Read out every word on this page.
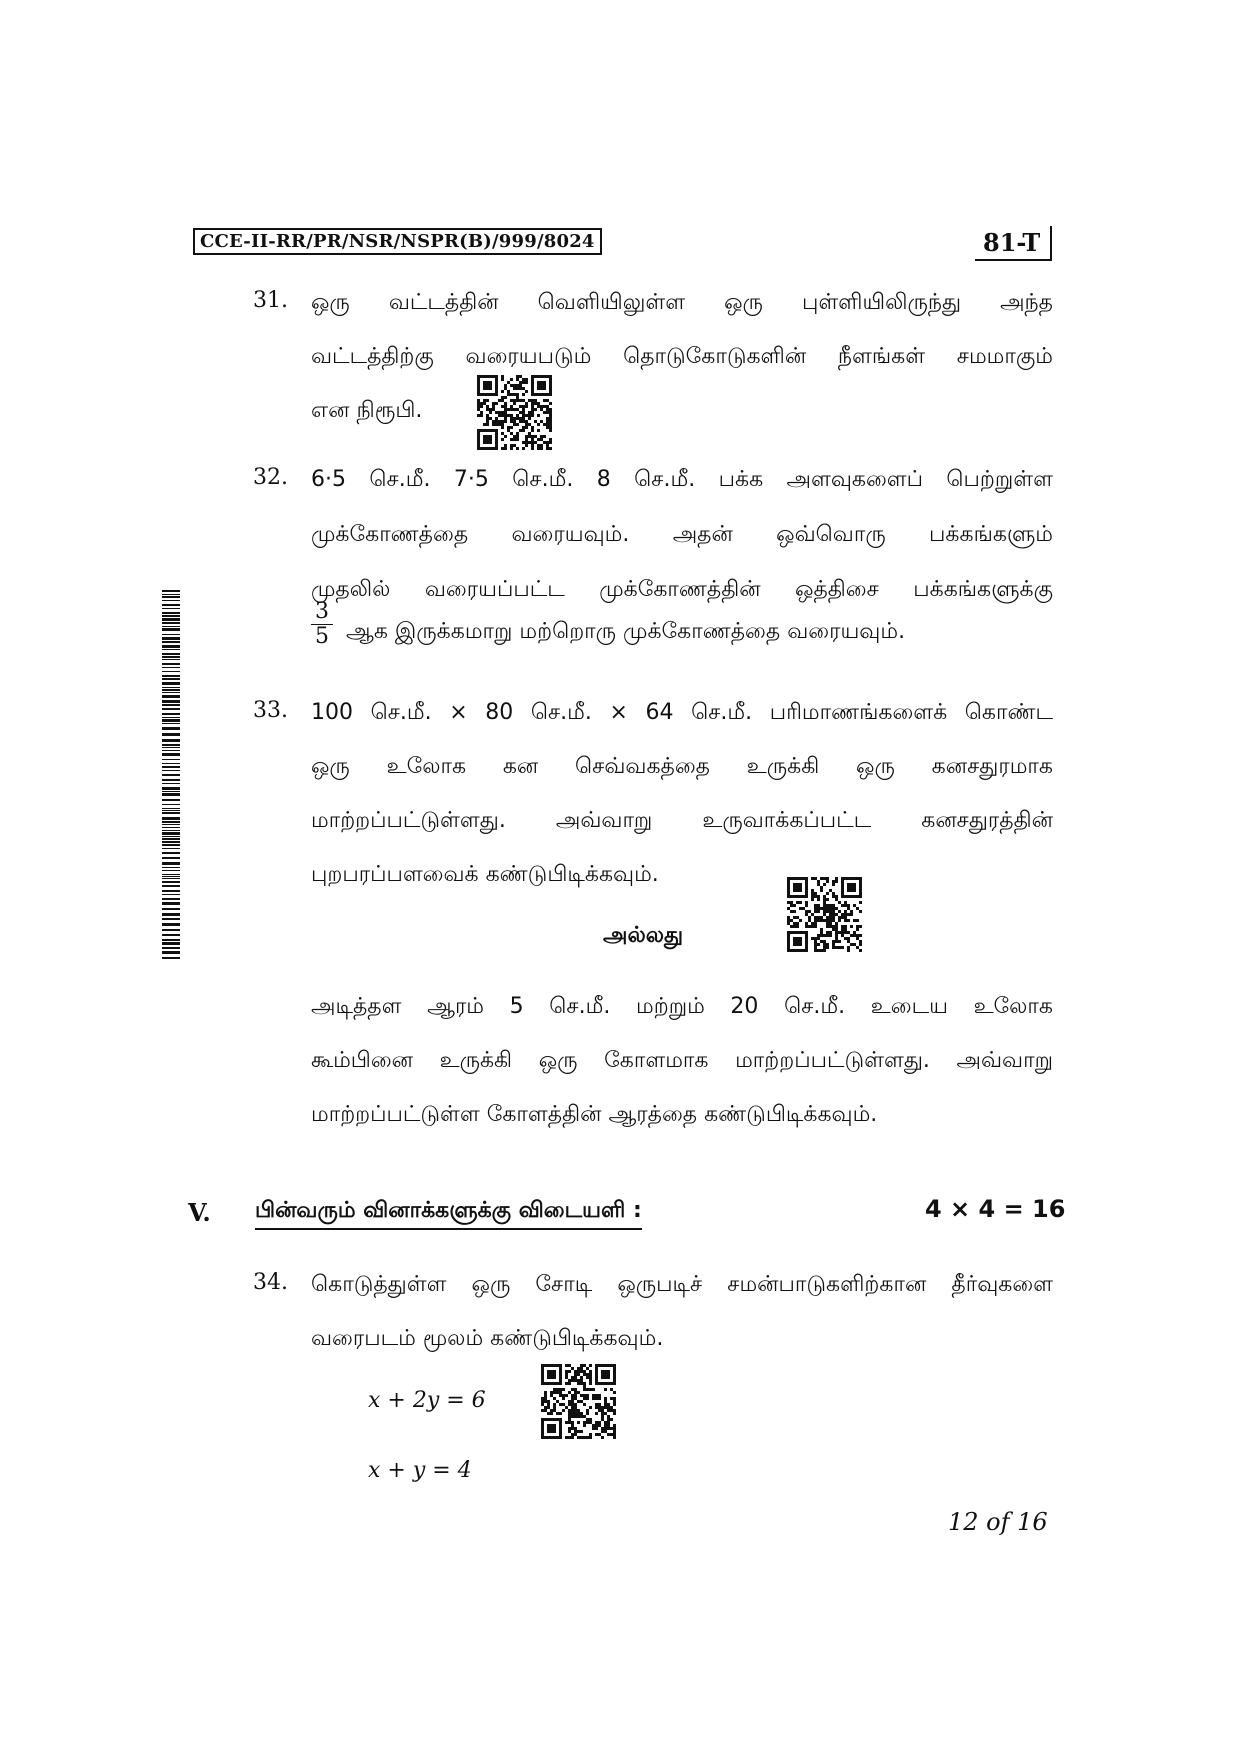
CCE-II-RR/PR/NSR/NSPR(B)/999/8024	81-T
31. ஒரு வட்டத்தின் வெளியிலுள்ள ஒரு புள்ளியிலிருந்து அந்த
வட்டத்திற்கு வரையபடும் தொடுகோடுகளின் நீளங்கள் சமமாகும்
என நிரூபி.
32. 6·5 செ.மீ. 7·5 செ.மீ. 8 செ.மீ. பக்க அளவுகளைப் பெற்றுள்ள
முக்கோணத்தை வரையவும். அதன் ஒவ்வொரு பக்கங்களும்
முதலில் வரையப்பட்ட முக்கோணத்தின் ஒத்திசை பக்கங்களுக்கு
$\frac{3}{5}$ ஆக இருக்கமாறு மற்றொரு முக்கோணத்தை வரையவும்.
33. 100 செ.மீ. × 80 செ.மீ. × 64 செ.மீ. பரிமாணங்களைக் கொண்ட
ஒரு உலோக கன செவ்வகத்தை உருக்கி ஒரு கனசதுரமாக
மாற்றப்பட்டுள்ளது. அவ்வாறு உருவாக்கப்பட்ட கனசதுரத்தின்
புறபரப்பளவைக் கண்டுபிடிக்கவும்.
அல்லது
அடித்தள ஆரம் 5 செ.மீ. மற்றும் 20 செ.மீ. உடைய உலோக
கூம்பினை உருக்கி ஒரு கோளமாக மாற்றப்பட்டுள்ளது. அவ்வாறு
மாற்றப்பட்டுள்ள கோளத்தின் ஆரத்தை கண்டுபிடிக்கவும்.
V. பின்வரும் வினாக்களுக்கு விடையளி :	4 × 4 = 16
34. கொடுத்துள்ள ஒரு சோடி ஒருபடிச் சமன்பாடுகளிற்கான தீர்வுகளை
வரைபடம் மூலம் கண்டுபிடிக்கவும்.
x + 2y = 6
x + y = 4
12 of 16
